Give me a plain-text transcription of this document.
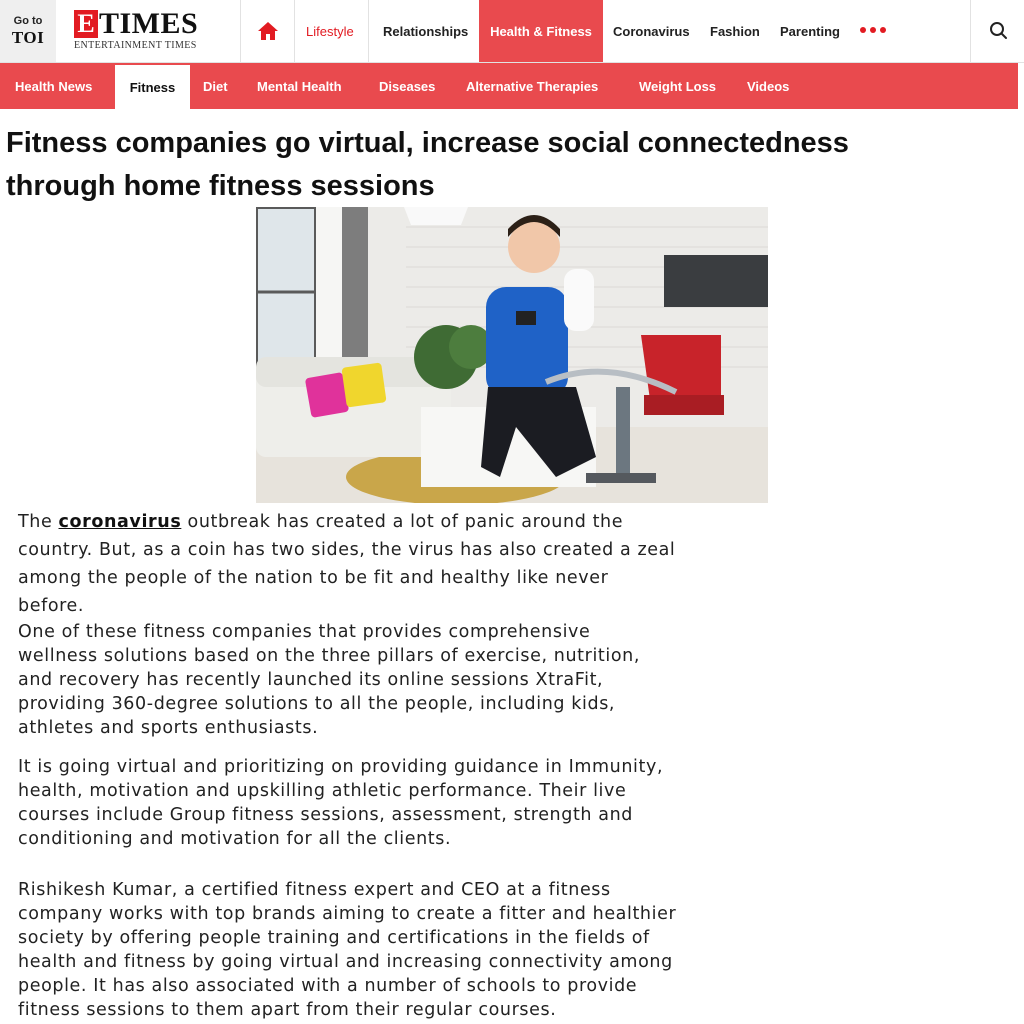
Go to
TOI E TIMES
ENTERTAINMENT TIMES
Lifestyle Relationships	Health & Fitness	Coronavirus Fashion Parenting
Health News	Fitness	Diet Mental Health	Diseases Alternative Therapies	Weight Loss Videos
Fitness companies go virtual, increase social connectedness
through home fitness sessions

The coronavirus outbreak has created a lot of panic around the
country. But, as a coin has two sides, the virus has also created a zeal
among the people of the nation to be fit and healthy like never
before.

One of these fitness companies that provides comprehensive
wellness solutions based on the three pillars of exercise, nutrition,
and recovery has recently launched its online sessions XtraFit,
providing 360-degree solutions to all the people, including kids,
athletes and sports enthusiasts.

It is going virtual and prioritizing on providing guidance in Immunity,
health, motivation and upskilling athletic performance. Their live
courses include Group fitness sessions, assessment, strength and
conditioning and motivation for all the clients.

Rishikesh Kumar, a certified fitness expert and CEO at a fitness
company works with top brands aiming to create a fitter and healthier
society by offering people training and certifications in the fields of
health and fitness by going virtual and increasing connectivity among
people. It has also associated with a number of schools to provide
fitness sessions to them apart from their regular courses.
